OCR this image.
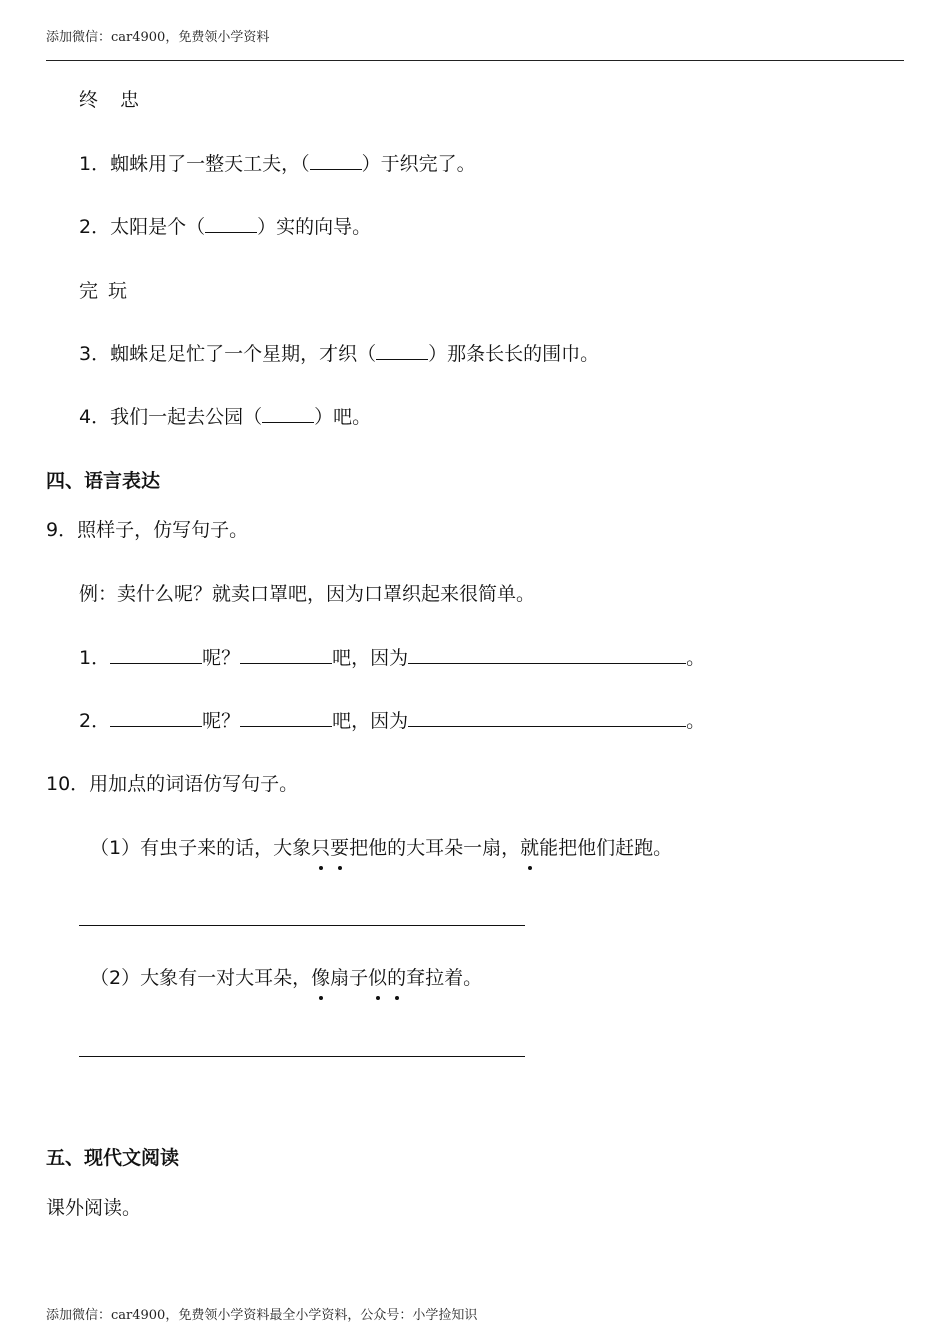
添加微信：car4900，免费领小学资料
终 忠
1．蜘蛛用了一整天工夫，（	）于织完了。
2．太阳是个（	）实的向导。
完 玩
3．蜘蛛足足忙了一个星期，才织（	）那条长长的围巾。
4．我们一起去公园（	）吧。
四、语言表达
9．照样子，仿写句子。
例：卖什么呢？就卖口罩吧，因为口罩织起来很简单。
1．	呢？	吧，因为	。
2．	呢？	吧，因为	。
10．用加点的词语仿写句子。
（1）有虫子来的话，大象只要把他的大耳朵一扇，就能把他们赶跑。
（2）大象有一对大耳朵，像扇子似的耷拉着。
五、现代文阅读
课外阅读。
添加微信：car4900，免费领小学资料最全小学资料，公众号：小学捡知识
